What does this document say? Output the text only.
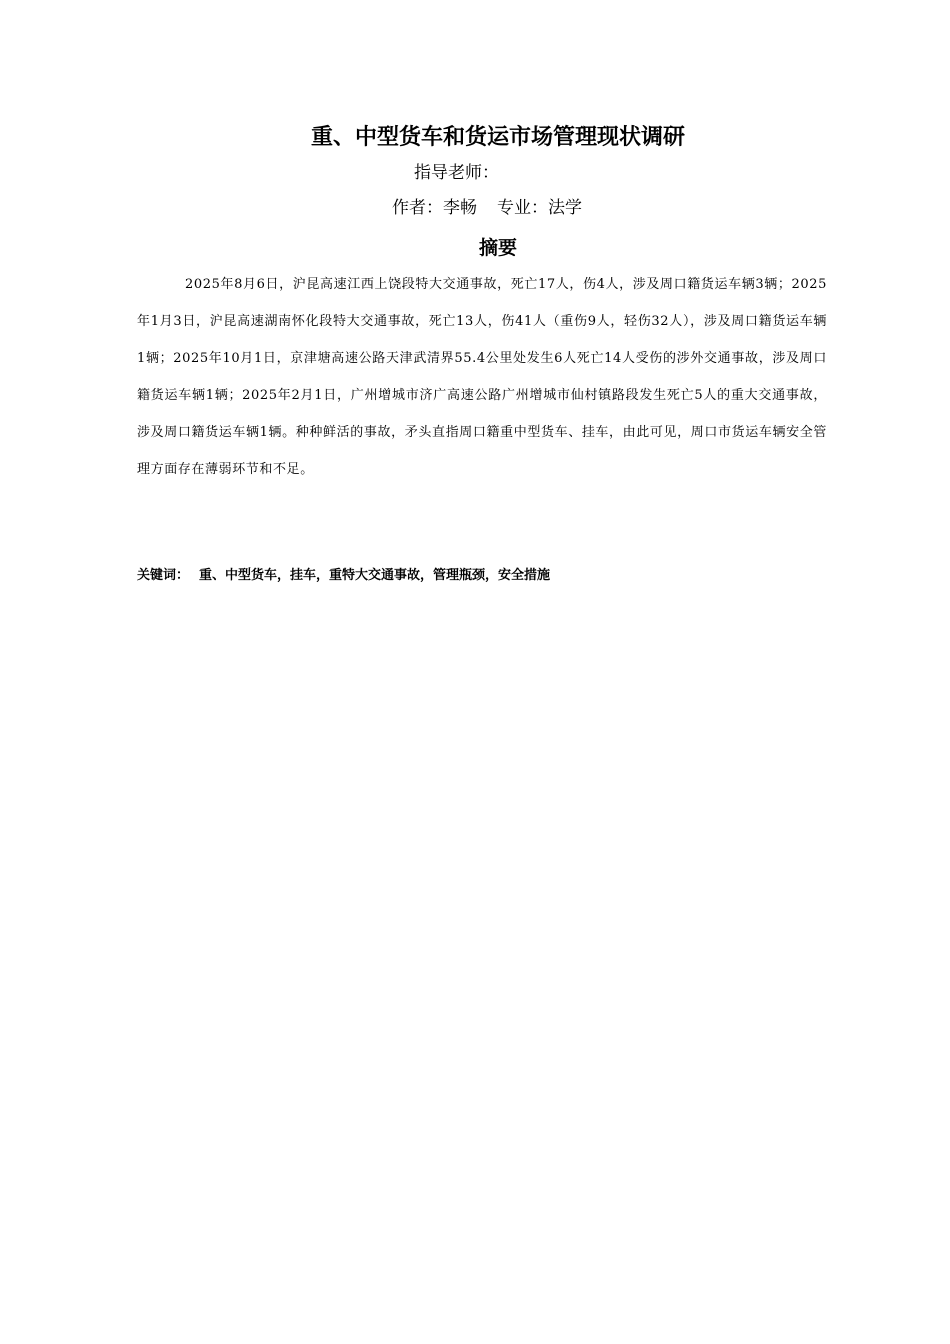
重、中型货车和货运市场管理现状调研
指导老师：
作者：李畅 专业：法学
摘要

2025年8月6日，沪昆高速江西上饶段特大交通事故，死亡17人，伤4人，涉及周口籍货运车辆3辆；2025年1月3日，沪昆高速湖南怀化段特大交通事故，死亡13人，伤41人（重伤9人，轻伤32人），涉及周口籍货运车辆1辆；2025年10月1日，京津塘高速公路天津武清界55.4公里处发生6人死亡14人受伤的涉外交通事故，涉及周口籍货运车辆1辆；2025年2月1日，广州增城市济广高速公路广州增城市仙村镇路段发生死亡5人的重大交通事故，涉及周口籍货运车辆1辆。种种鲜活的事故，矛头直指周口籍重中型货车、挂车，由此可见，周口市货运车辆安全管理方面存在薄弱环节和不足。

关键词： 重、中型货车，挂车，重特大交通事故，管理瓶颈，安全措施
